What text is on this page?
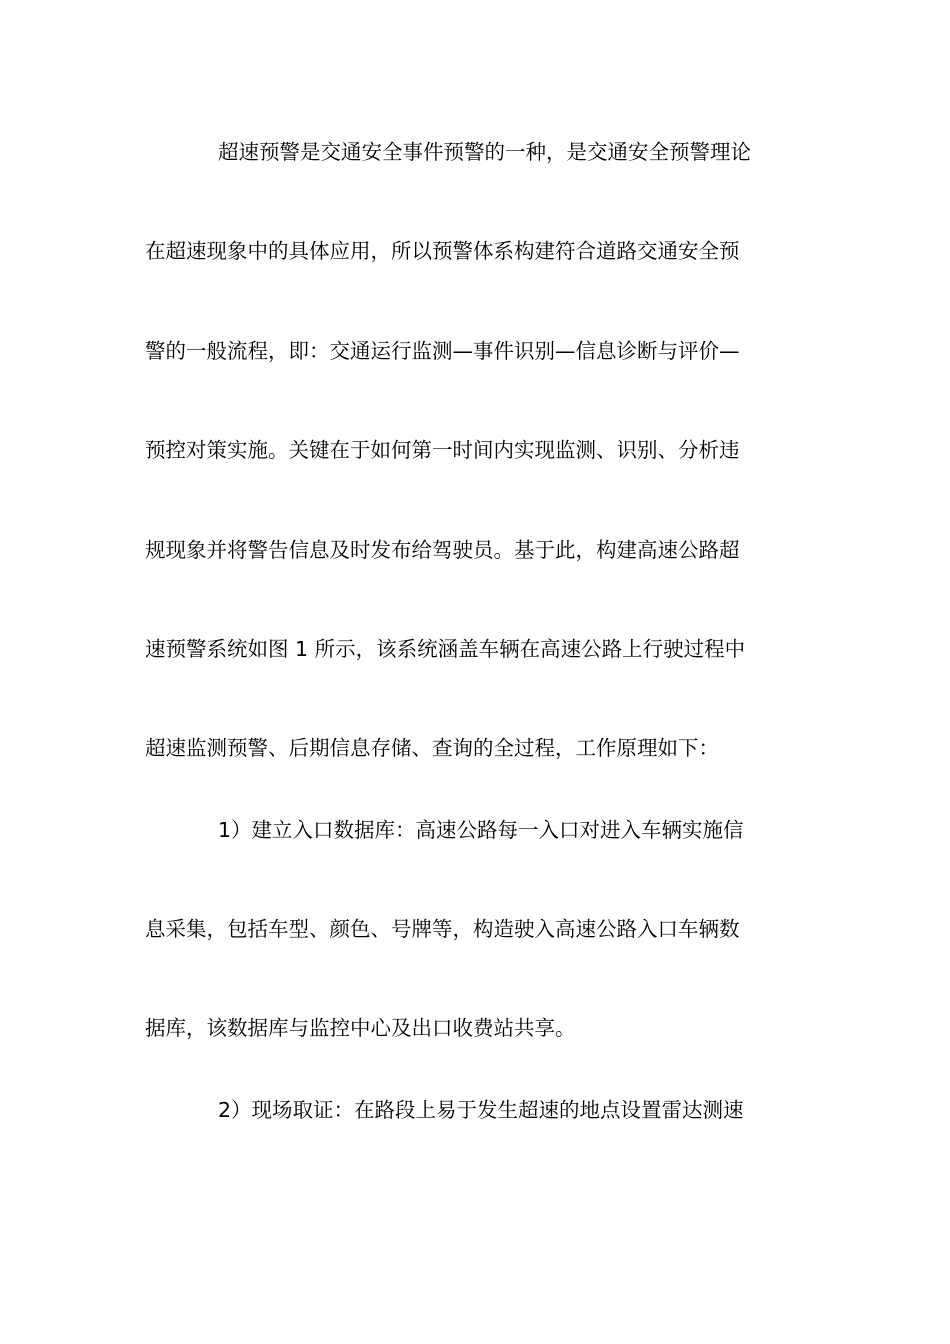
超速预警是交通安全事件预警的一种，是交通安全预警理论
在超速现象中的具体应用，所以预警体系构建符合道路交通安全预
警的一般流程，即：交通运行监测—事件识别—信息诊断与评价—
预控对策实施。关键在于如何第一时间内实现监测、识别、分析违
规现象并将警告信息及时发布给驾驶员。基于此，构建高速公路超
速预警系统如图 1 所示，该系统涵盖车辆在高速公路上行驶过程中
超速监测预警、后期信息存储、查询的全过程，工作原理如下：
1）建立入口数据库：高速公路每一入口对进入车辆实施信
息采集，包括车型、颜色、号牌等，构造驶入高速公路入口车辆数
据库，该数据库与监控中心及出口收费站共享。
2）现场取证：在路段上易于发生超速的地点设置雷达测速
